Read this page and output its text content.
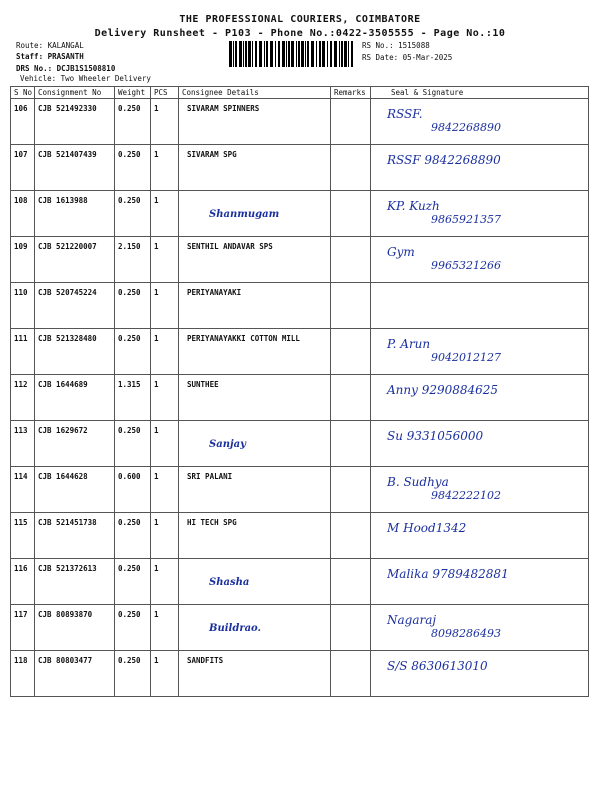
THE PROFESSIONAL COURIERS, COIMBATORE
Delivery Runsheet - P103 - Phone No.:0422-3505555 - Page No.:10
Route: KALANGAL
Staff: PRASANTH
DRS No.: DCJB1S1508810
Vehicle: Two Wheeler Delivery
RS No.: 1515088
RS Date: 05-Mar-2025
S No	Consignment No	Weight	PCS	Consignee Details	Remarks	Seal & Signature
106	CJB 521492330	0.250	1	SIVARAM SPINNERS		RSSF.
9842268890

107	CJB 521407439	0.250	1	SIVARAM SPG		RSSF 9842268890

108	CJB 1613988	0.250	1	Shanmugam		KP. Kuzh
9865921357

109	CJB 521220007	2.150	1	SENTHIL ANDAVAR SPS		Gym
9965321266

110	CJB 520745224	0.250	1	PERIYANAYAKI		
111	CJB 521328480	0.250	1	PERIYANAYAKKI COTTON MILL		P. Arun
9042012127

112	CJB 1644689	1.315	1	SUNTHEE		Anny 9290884625

113	CJB 1629672	0.250	1	Sanjay		Su 9331056000

114	CJB 1644628	0.600	1	SRI PALANI		B. Sudhya
9842222102

115	CJB 521451738	0.250	1	HI TECH SPG		M Hood1342

116	CJB 521372613	0.250	1	Shasha		Malika 9789482881

117	CJB 80893870	0.250	1	Buildrao.		Nagaraj
8098286493

118	CJB 80803477	0.250	1	SANDFITS		S/S 8630613010
